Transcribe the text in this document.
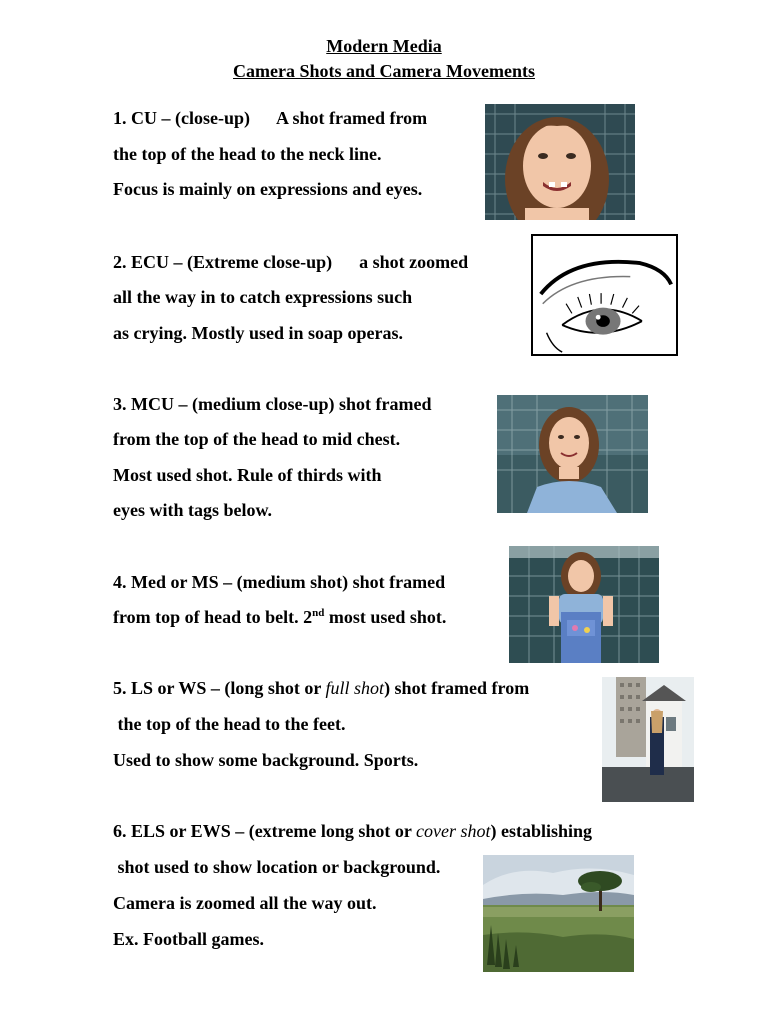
Modern Media
Camera Shots and Camera Movements
1. CU – (close-up)      A shot framed from
the top of the head to the neck line.
Focus is mainly on expressions and eyes.
2. ECU – (Extreme close-up)      a shot zoomed
all the way in to catch expressions such
as crying. Mostly used in soap operas.
3. MCU – (medium close-up) shot framed
from the top of the head to mid chest.
Most used shot. Rule of thirds with
eyes with tags below.
4. Med or MS – (medium shot) shot framed
from top of head to belt. 2nd most used shot.
5. LS or WS – (long shot or full shot) shot framed from
the top of the head to the feet.
Used to show some background. Sports.
6. ELS or EWS – (extreme long shot or cover shot) establishing
shot used to show location or background.
Camera is zoomed all the way out.
Ex. Football games.
